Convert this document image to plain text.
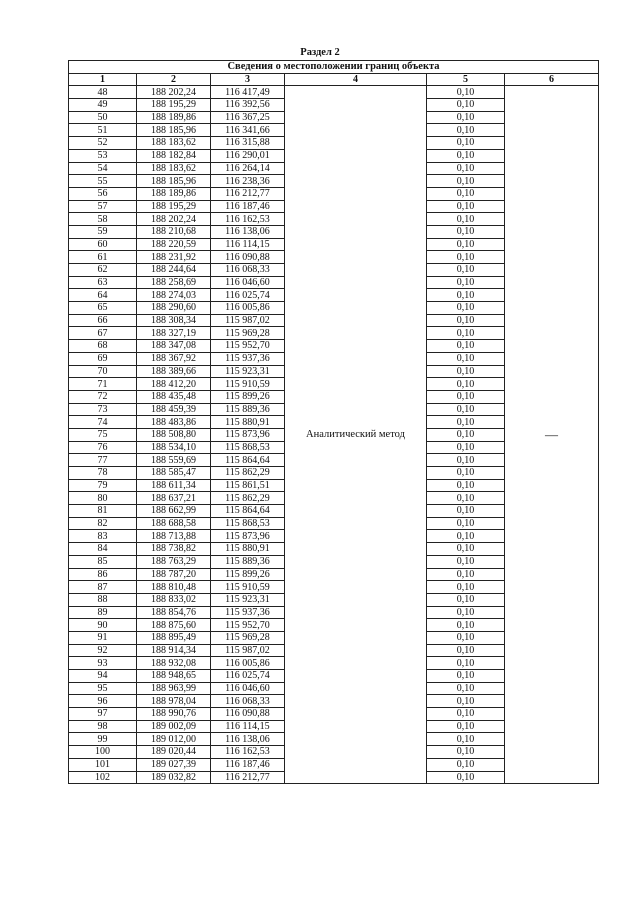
Раздел 2
Сведения о местоположении границ объекта					
1	2	3	4	5	6
48	188 202,24	116 417,49	Аналитический метод	0,10	—
49	188 195,29	116 392,56		0,10	
50	188 189,86	116 367,25		0,10	
51	188 185,96	116 341,66		0,10	
52	188 183,62	116 315,88		0,10	
53	188 182,84	116 290,01		0,10	
54	188 183,62	116 264,14		0,10	
55	188 185,96	116 238,36		0,10	
56	188 189,86	116 212,77		0,10	
57	188 195,29	116 187,46		0,10	
58	188 202,24	116 162,53		0,10	
59	188 210,68	116 138,06		0,10	
60	188 220,59	116 114,15		0,10	
61	188 231,92	116 090,88		0,10	
62	188 244,64	116 068,33		0,10	
63	188 258,69	116 046,60		0,10	
64	188 274,03	116 025,74		0,10	
65	188 290,60	116 005,86		0,10	
66	188 308,34	115 987,02		0,10	
67	188 327,19	115 969,28		0,10	
68	188 347,08	115 952,70		0,10	
69	188 367,92	115 937,36		0,10	
70	188 389,66	115 923,31		0,10	
71	188 412,20	115 910,59		0,10	
72	188 435,48	115 899,26		0,10	
73	188 459,39	115 889,36		0,10	
74	188 483,86	115 880,91		0,10	
75	188 508,80	115 873,96		0,10	
76	188 534,10	115 868,53		0,10	
77	188 559,69	115 864,64		0,10	
78	188 585,47	115 862,29		0,10	
79	188 611,34	115 861,51		0,10	
80	188 637,21	115 862,29		0,10	
81	188 662,99	115 864,64		0,10	
82	188 688,58	115 868,53		0,10	
83	188 713,88	115 873,96		0,10	
84	188 738,82	115 880,91		0,10	
85	188 763,29	115 889,36		0,10	
86	188 787,20	115 899,26		0,10	
87	188 810,48	115 910,59		0,10	
88	188 833,02	115 923,31		0,10	
89	188 854,76	115 937,36		0,10	
90	188 875,60	115 952,70		0,10	
91	188 895,49	115 969,28		0,10	
92	188 914,34	115 987,02		0,10	
93	188 932,08	116 005,86		0,10	
94	188 948,65	116 025,74		0,10	
95	188 963,99	116 046,60		0,10	
96	188 978,04	116 068,33		0,10	
97	188 990,76	116 090,88		0,10	
98	189 002,09	116 114,15		0,10	
99	189 012,00	116 138,06		0,10	
100	189 020,44	116 162,53		0,10	
101	189 027,39	116 187,46		0,10	
102	189 032,82	116 212,77		0,10	
